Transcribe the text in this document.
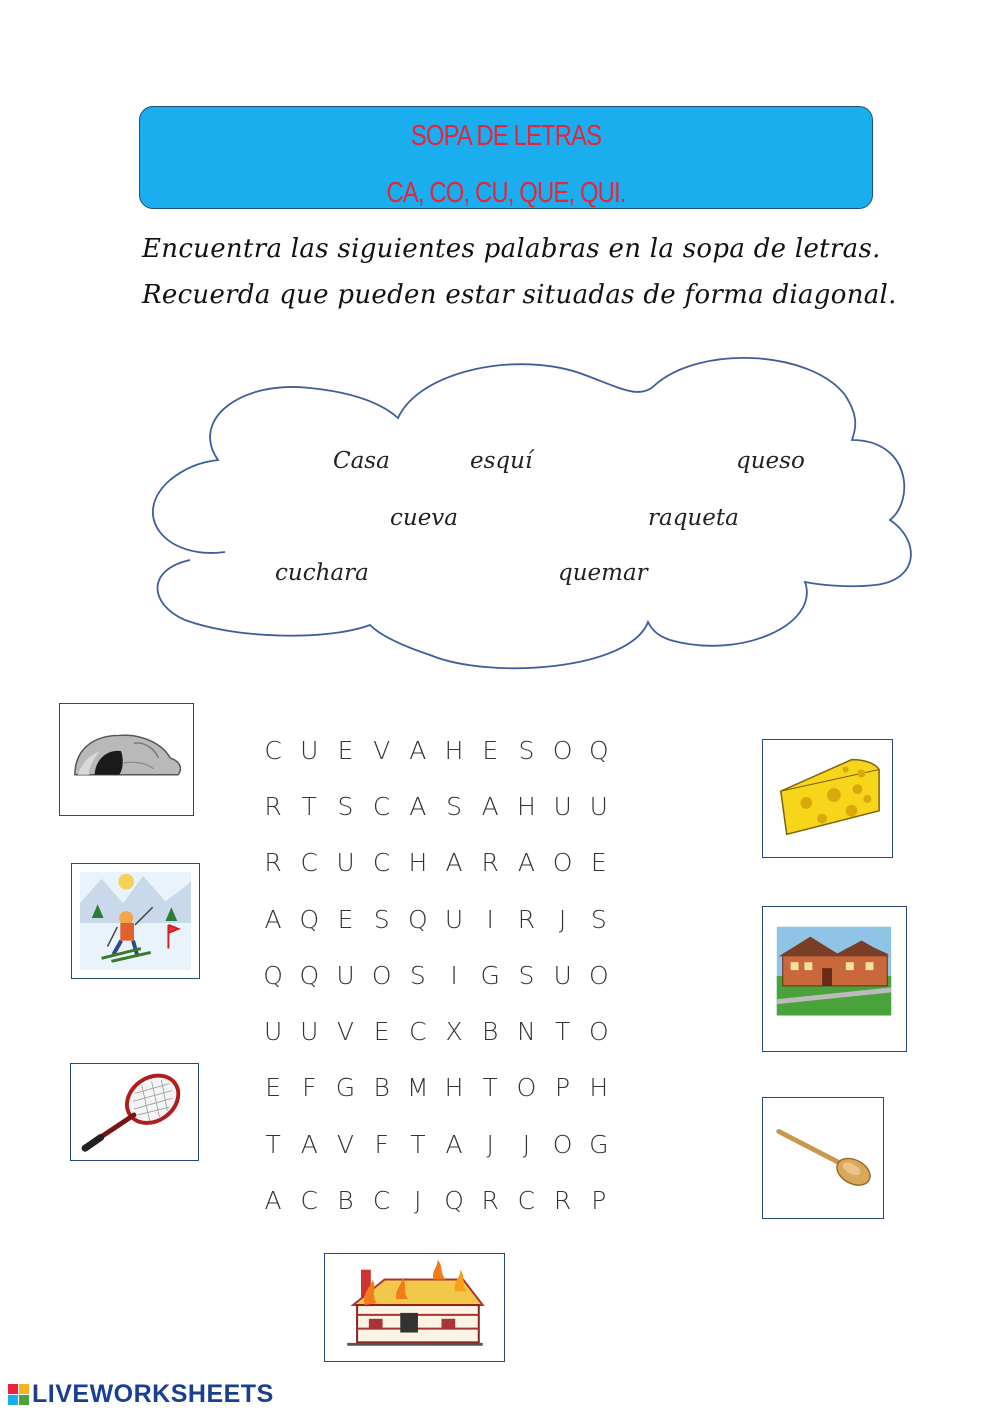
SOPA DE LETRAS
CA, CO, CU, QUE, QUI.
Encuentra las siguientes palabras en la sopa de letras.
Recuerda que pueden estar situadas de forma diagonal.
Casa	esquí	queso
cueva	raqueta
cuchara	quemar
C U E V A H E S O Q
R T S C A S A H U U
R C U C H A R A O E
A Q E S Q U I R J S
Q Q U O S I G S U O
U U V E C X B N T O
E F G B M H T O P H
T A V F T A J	J O G
A C B C J Q R C R P
LIVEWORKSHEETS
